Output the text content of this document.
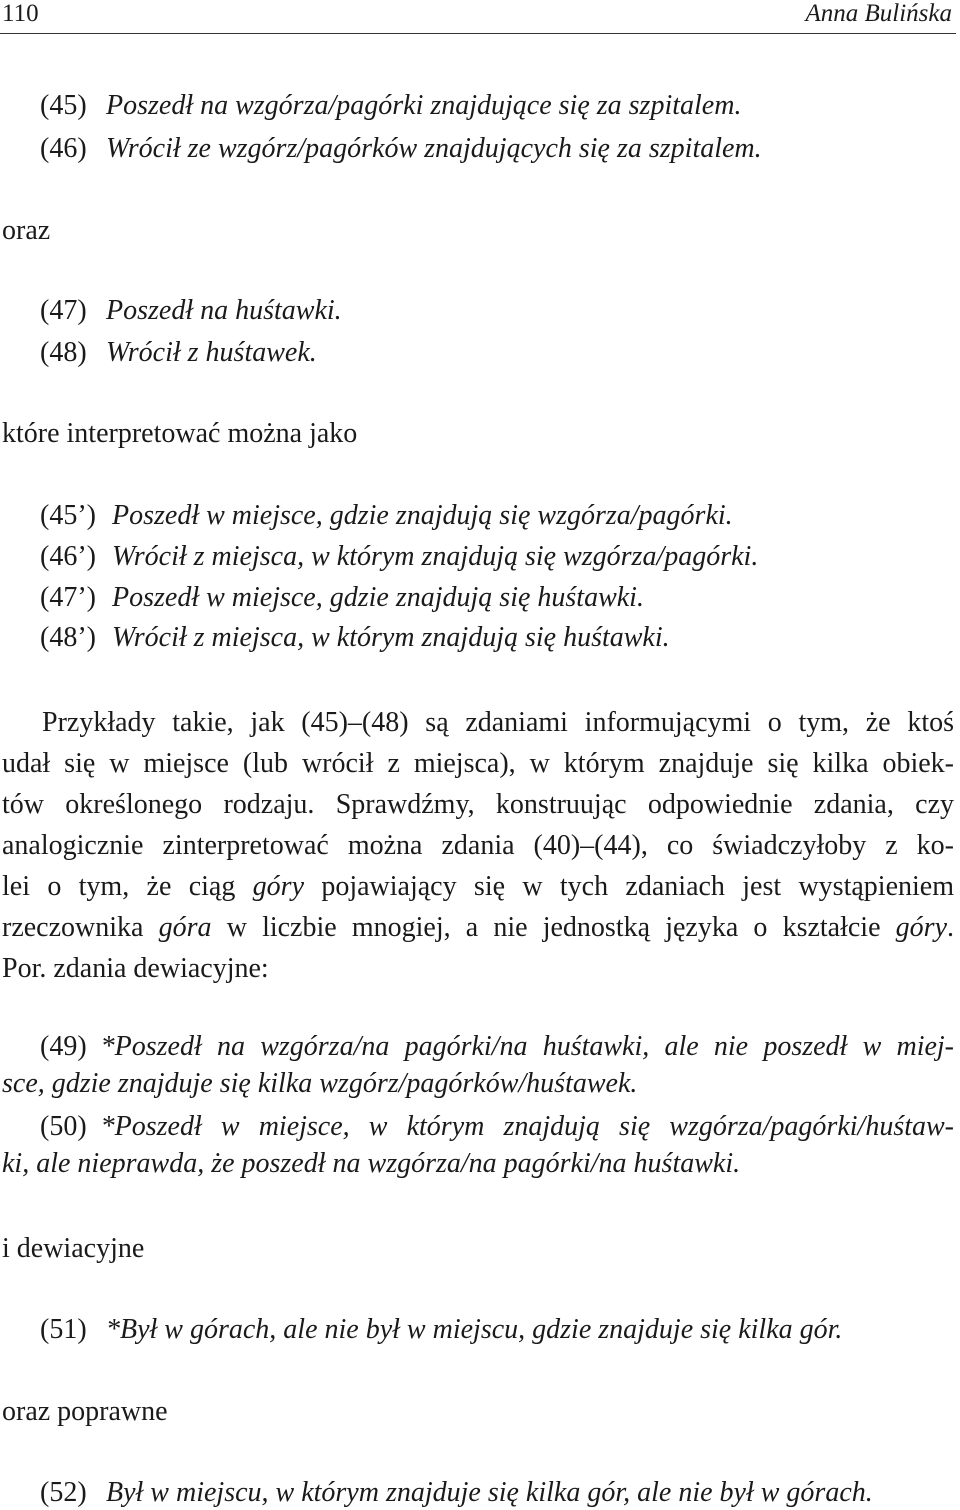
110	Anna Bulińska
(45) Poszedł na wzgórza/pagórki znajdujące się za szpitalem.
(46) Wrócił ze wzgórz/pagórków znajdujących się za szpitalem.
oraz
(47) Poszedł na huśtawki.
(48) Wrócił z huśtawek.
które interpretować można jako
(45’) Poszedł w miejsce, gdzie znajdują się wzgórza/pagórki.
(46’) Wrócił z miejsca, w którym znajdują się wzgórza/pagórki.
(47’) Poszedł w miejsce, gdzie znajdują się huśtawki.
(48’) Wrócił z miejsca, w którym znajdują się huśtawki.
Przykłady takie, jak (45)–(48) są zdaniami informującymi o tym, że ktoś
udał się w miejsce (lub wrócił z miejsca), w którym znajduje się kilka obiek-
tów określonego rodzaju. Sprawdźmy, konstruując odpowiednie zdania, czy
analogicznie zinterpretować można zdania (40)–(44), co świadczyłoby z ko-
lei o tym, że ciąg góry pojawiający się w tych zdaniach jest wystąpieniem
rzeczownika góra w liczbie mnogiej, a nie jednostką języka o kształcie góry.
Por. zdania dewiacyjne:
(49) *Poszedł na wzgórza/na pagórki/na huśtawki, ale nie poszedł w miej-
sce, gdzie znajduje się kilka wzgórz/pagórków/huśtawek.
(50) *Poszedł w miejsce, w którym znajdują się wzgórza/pagórki/huśtaw-
ki, ale nieprawda, że poszedł na wzgórza/na pagórki/na huśtawki.
i dewiacyjne
(51) *Był w górach, ale nie był w miejscu, gdzie znajduje się kilka gór.
oraz poprawne
(52) Był w miejscu, w którym znajduje się kilka gór, ale nie był w górach.
